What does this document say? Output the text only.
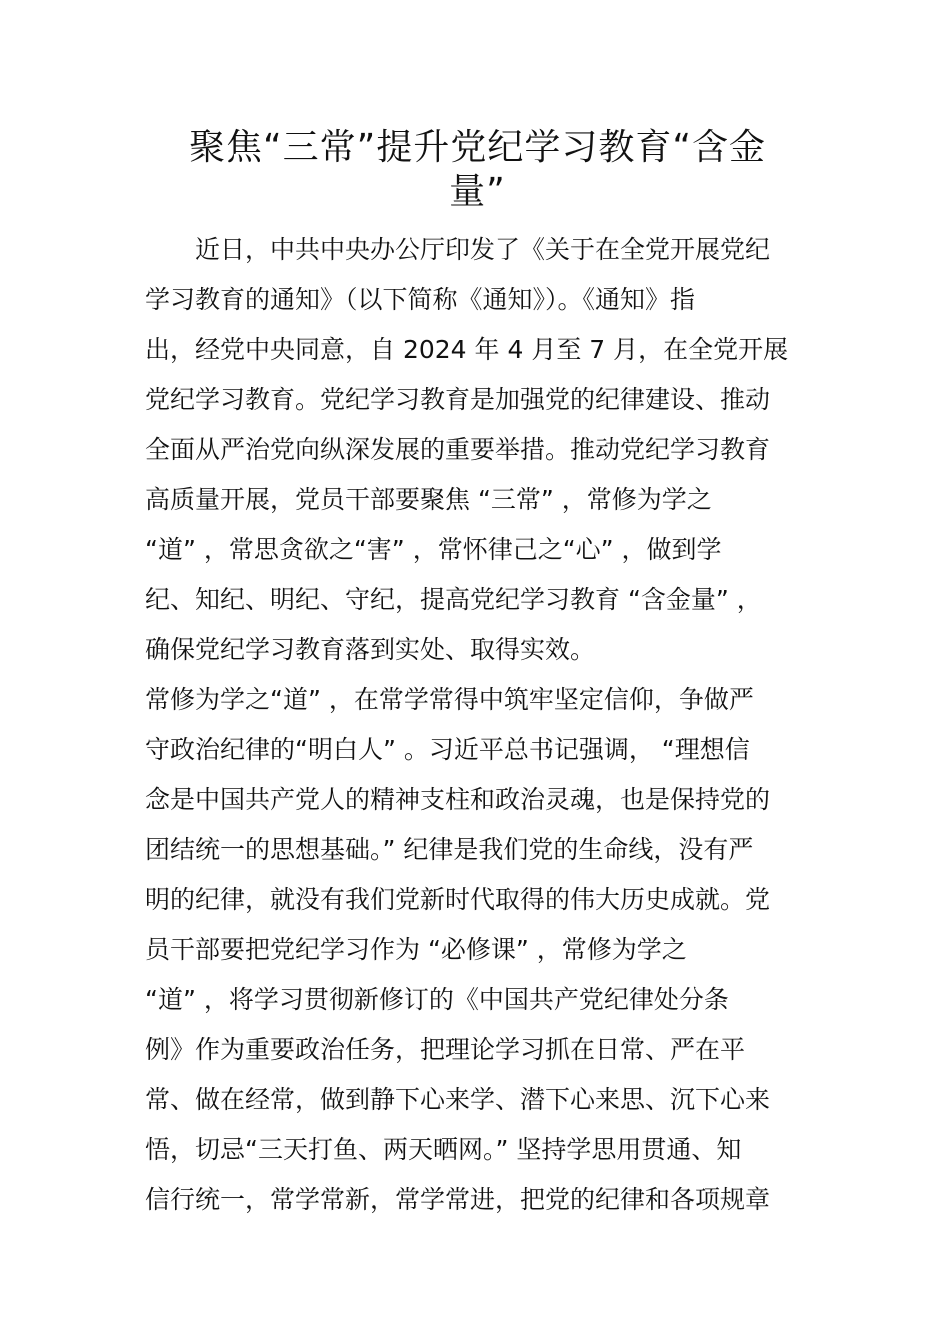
聚焦“三常”提升党纪学习教育“含金
量”
　　近日，中共中央办公厅印发了《关于在全党开展党纪
学习教育的通知》（以下简称《通知》）。《通知》指
出，经党中央同意，自 2024 年 4 月至 7 月，在全党开展
党纪学习教育。党纪学习教育是加强党的纪律建设、推动
全面从严治党向纵深发展的重要举措。推动党纪学习教育
高质量开展，党员干部要聚焦 “三常” ，常修为学之
“道” ，常思贪欲之“害” ，常怀律己之“心” ，做到学
纪、知纪、明纪、守纪，提高党纪学习教育 “含金量” ，
确保党纪学习教育落到实处、取得实效。
常修为学之“道” ，在常学常得中筑牢坚定信仰，争做严
守政治纪律的“明白人” 。习近平总书记强调， “理想信
念是中国共产党人的精神支柱和政治灵魂，也是保持党的
团结统一的思想基础。” 纪律是我们党的生命线，没有严
明的纪律，就没有我们党新时代取得的伟大历史成就。党
员干部要把党纪学习作为 “必修课” ，常修为学之
“道” ，将学习贯彻新修订的《中国共产党纪律处分条
例》作为重要政治任务，把理论学习抓在日常、严在平
常、做在经常，做到静下心来学、潜下心来思、沉下心来
悟，切忌“三天打鱼、两天晒网。” 坚持学思用贯通、知
信行统一，常学常新，常学常进，把党的纪律和各项规章
